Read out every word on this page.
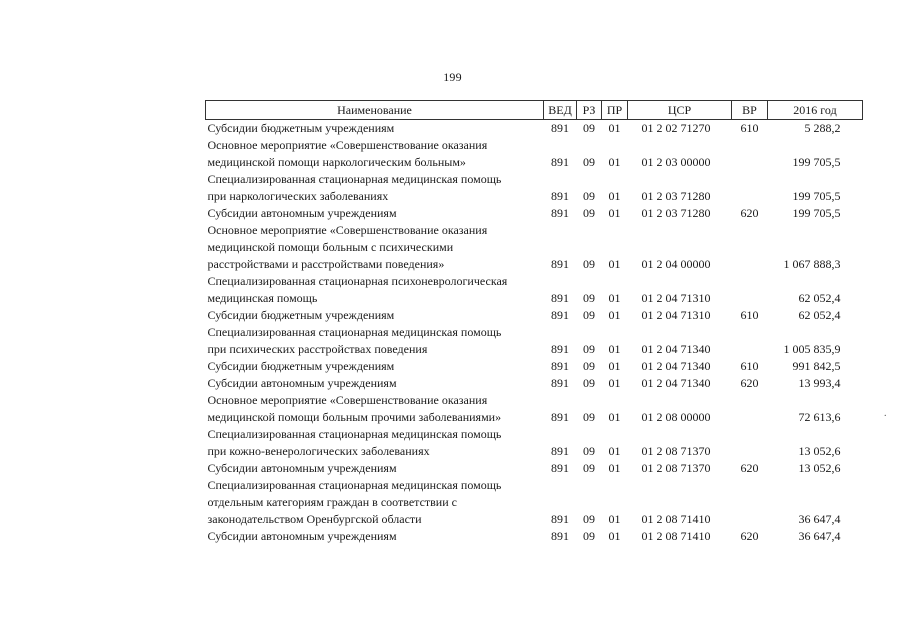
199
.
Наименование	ВЕД	РЗ	ПР	ЦСР	ВР	2016 год

Субсидии бюджетным учреждениям	891	09	01	01 2 02 71270	610	5 288,2

Основное мероприятие «Совершенствование оказания
медицинской помощи наркологическим больным»	891	09	01	01 2 03 00000		199 705,5

Специализированная стационарная медицинская помощь
при наркологических заболеваниях	891	09	01	01 2 03 71280		199 705,5

Субсидии автономным учреждениям	891	09	01	01 2 03 71280	620	199 705,5

Основное мероприятие «Совершенствование оказания
медицинской помощи больным с психическими
расстройствами и расстройствами поведения»	891	09	01	01 2 04 00000		1 067 888,3

Специализированная стационарная психоневрологическая
медицинская помощь	891	09	01	01 2 04 71310		62 052,4

Субсидии бюджетным учреждениям	891	09	01	01 2 04 71310	610	62 052,4

Специализированная стационарная медицинская помощь
при психических расстройствах поведения	891	09	01	01 2 04 71340		1 005 835,9

Субсидии бюджетным учреждениям	891	09	01	01 2 04 71340	610	991 842,5

Субсидии автономным учреждениям	891	09	01	01 2 04 71340	620	13 993,4

Основное мероприятие «Совершенствование оказания
медицинской помощи больным прочими заболеваниями»	891	09	01	01 2 08 00000		72 613,6

Специализированная стационарная медицинская помощь
при кожно-венерологических заболеваниях	891	09	01	01 2 08 71370		13 052,6

Субсидии автономным учреждениям	891	09	01	01 2 08 71370	620	13 052,6

Специализированная стационарная медицинская помощь
отдельным категориям граждан в соответствии с
законодательством Оренбургской области	891	09	01	01 2 08 71410		36 647,4

Субсидии автономным учреждениям	891	09	01	01 2 08 71410	620	36 647,4
